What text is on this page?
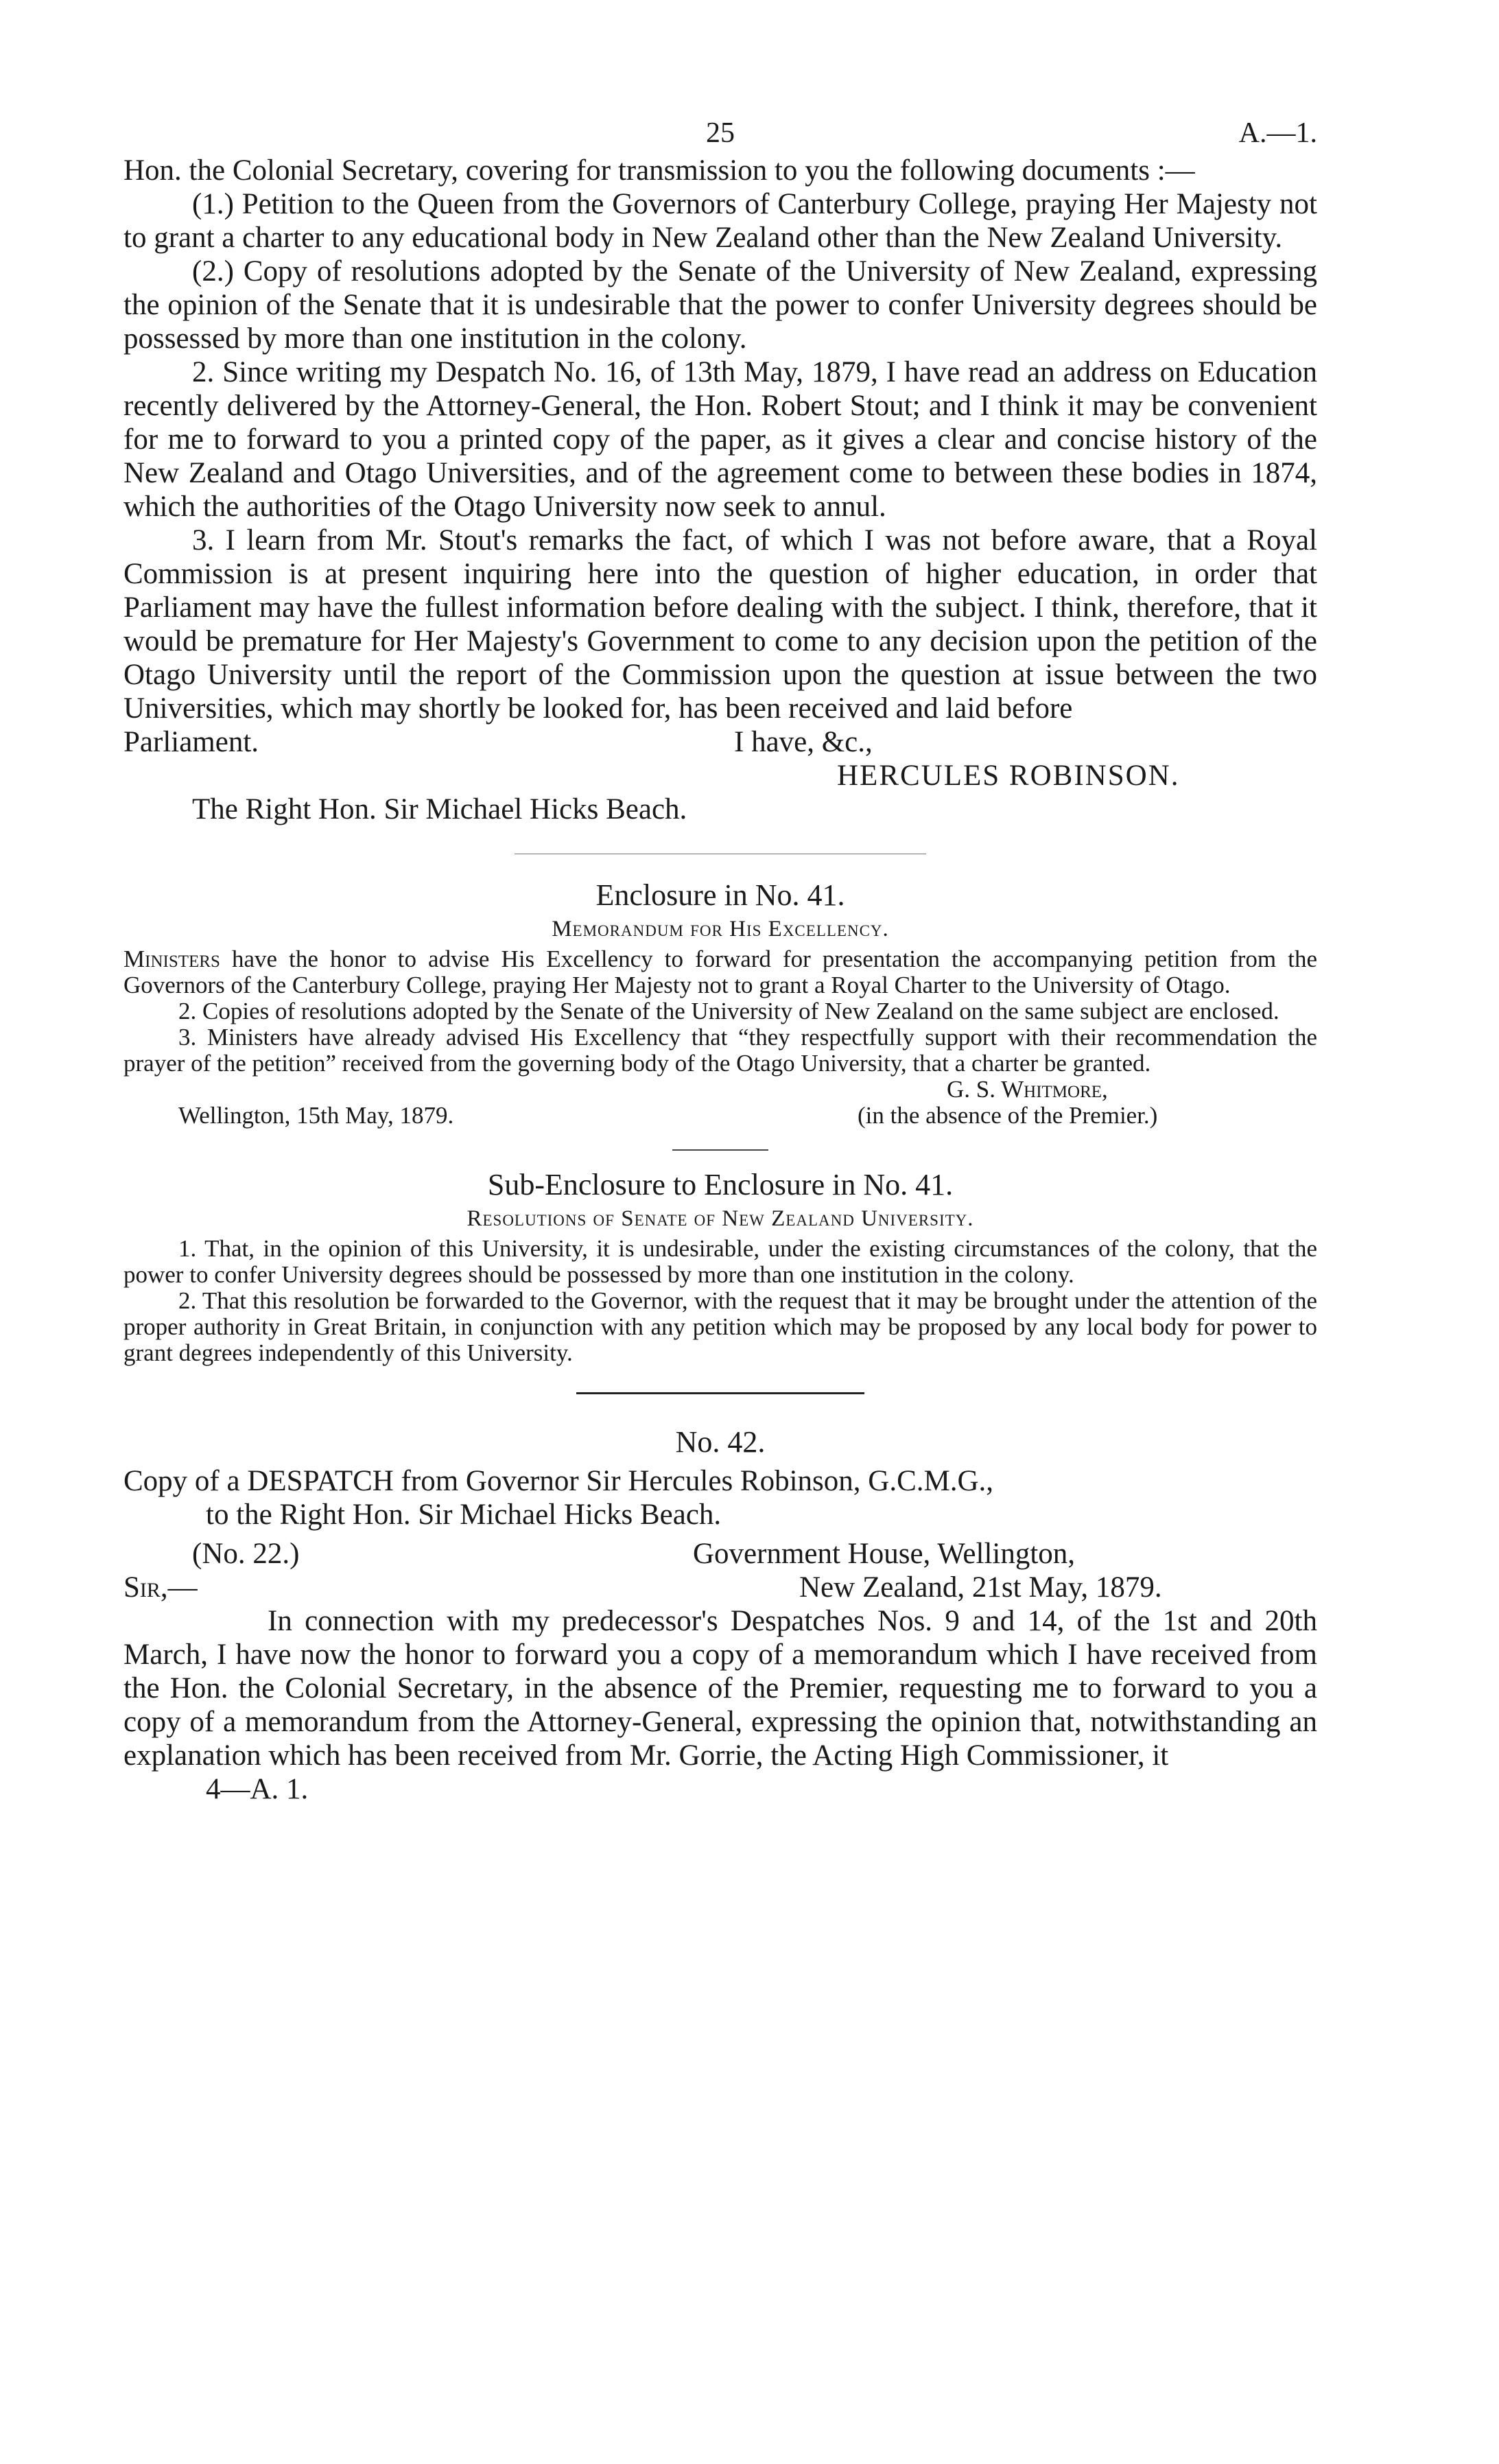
25	A.—1.

Hon. the Colonial Secretary, covering for transmission to you the following documents :—

(1.) Petition to the Queen from the Governors of Canterbury College, praying Her Majesty not to grant a charter to any educational body in New Zealand other than the New Zealand University.

(2.) Copy of resolutions adopted by the Senate of the University of New Zealand, expressing the opinion of the Senate that it is undesirable that the power to confer University degrees should be possessed by more than one institution in the colony.

2. Since writing my Despatch No. 16, of 13th May, 1879, I have read an address on Education recently delivered by the Attorney-General, the Hon. Robert Stout; and I think it may be convenient for me to forward to you a printed copy of the paper, as it gives a clear and concise history of the New Zealand and Otago Universities, and of the agreement come to between these bodies in 1874, which the authorities of the Otago University now seek to annul.

3. I learn from Mr. Stout's remarks the fact, of which I was not before aware, that a Royal Commission is at present inquiring here into the question of higher education, in order that Parliament may have the fullest information before dealing with the subject. I think, therefore, that it would be premature for Her Majesty's Government to come to any decision upon the petition of the Otago University until the report of the Commission upon the question at issue between the two Universities, which may shortly be looked for, has been received and laid before

Parliament.	I have, &c.,
HERCULES ROBINSON.
The Right Hon. Sir Michael Hicks Beach.
Enclosure in No. 41.
Memorandum for His Excellency.

Ministers have the honor to advise His Excellency to forward for presentation the accompanying petition from the Governors of the Canterbury College, praying Her Majesty not to grant a Royal Charter to the University of Otago.

2. Copies of resolutions adopted by the Senate of the University of New Zealand on the same subject are enclosed.

3. Ministers have already advised His Excellency that “they respectfully support with their recommendation the prayer of the petition” received from the governing body of the Otago University, that a charter be granted.

G. S. Whitmore,
Wellington, 15th May, 1879.	(in the absence of the Premier.)
Sub-Enclosure to Enclosure in No. 41.
Resolutions of Senate of New Zealand University.

1. That, in the opinion of this University, it is undesirable, under the existing circumstances of the colony, that the power to confer University degrees should be possessed by more than one institution in the colony.

2. That this resolution be forwarded to the Governor, with the request that it may be brought under the attention of the proper authority in Great Britain, in conjunction with any petition which may be proposed by any local body for power to grant degrees independently of this University.

No. 42.
Copy of a DESPATCH from Governor Sir Hercules Robinson, G.C.M.G.,
to the Right Hon. Sir Michael Hicks Beach.
(No. 22.)	Government House, Wellington,
Sir,—	New Zealand, 21st May, 1879.

In connection with my predecessor's Despatches Nos. 9 and 14, of the 1st and 20th March, I have now the honor to forward you a copy of a memorandum which I have received from the Hon. the Colonial Secretary, in the absence of the Premier, requesting me to forward to you a copy of a memorandum from the Attorney-General, expressing the opinion that, notwithstanding an explanation which has been received from Mr. Gorrie, the Acting High Commissioner, it

4—A. 1.
